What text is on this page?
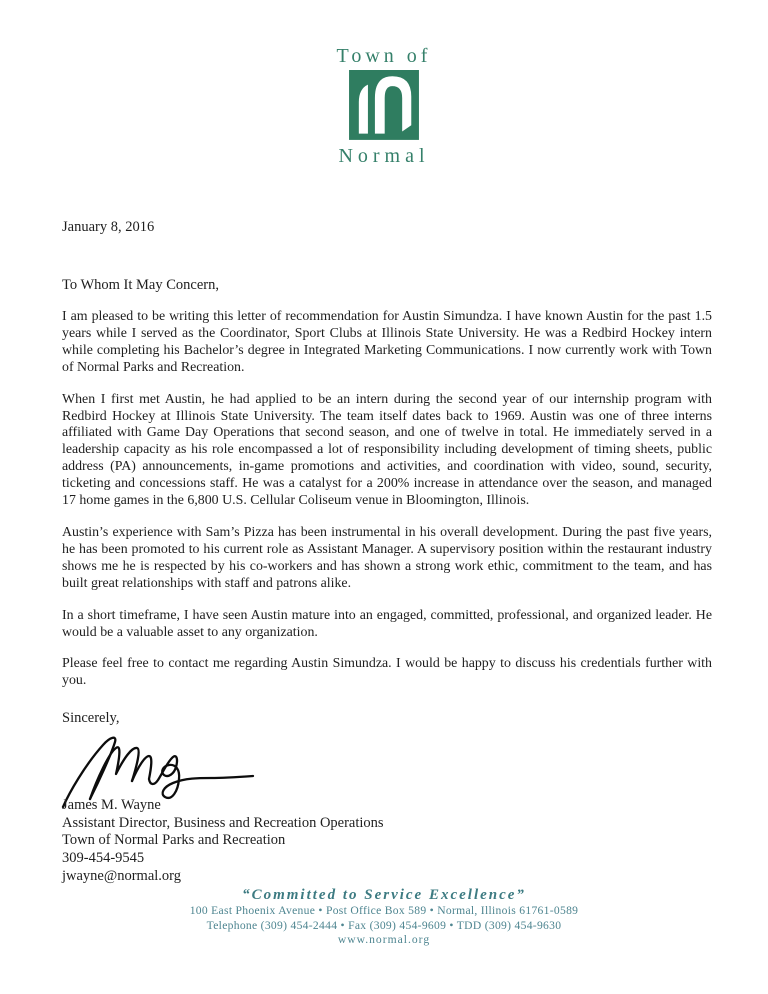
Town of
Normal
January 8, 2016
To Whom It May Concern,

I am pleased to be writing this letter of recommendation for Austin Simundza. I have known Austin for the past 1.5 years while I served as the Coordinator, Sport Clubs at Illinois State University. He was a Redbird Hockey intern while completing his Bachelor’s degree in Integrated Marketing Communications. I now currently work with Town of Normal Parks and Recreation.

When I first met Austin, he had applied to be an intern during the second year of our internship program with Redbird Hockey at Illinois State University. The team itself dates back to 1969. Austin was one of three interns affiliated with Game Day Operations that second season, and one of twelve in total. He immediately served in a leadership capacity as his role encompassed a lot of responsibility including development of timing sheets, public address (PA) announcements, in-game promotions and activities, and coordination with video, sound, security, ticketing and concessions staff. He was a catalyst for a 200% increase in attendance over the season, and managed 17 home games in the 6,800 U.S. Cellular Coliseum venue in Bloomington, Illinois.

Austin’s experience with Sam’s Pizza has been instrumental in his overall development. During the past five years, he has been promoted to his current role as Assistant Manager. A supervisory position within the restaurant industry shows me he is respected by his co-workers and has shown a strong work ethic, commitment to the team, and has built great relationships with staff and patrons alike.

In a short timeframe, I have seen Austin mature into an engaged, committed, professional, and organized leader. He would be a valuable asset to any organization.

Please feel free to contact me regarding Austin Simundza. I would be happy to discuss his credentials further with you.

Sincerely,
James M. Wayne
Assistant Director, Business and Recreation Operations
Town of Normal Parks and Recreation
309-454-9545
jwayne@normal.org
“Committed to Service Excellence”
100 East Phoenix Avenue • Post Office Box 589 • Normal, Illinois 61761-0589
Telephone (309) 454-2444 • Fax (309) 454-9609 • TDD (309) 454-9630
www.normal.org
